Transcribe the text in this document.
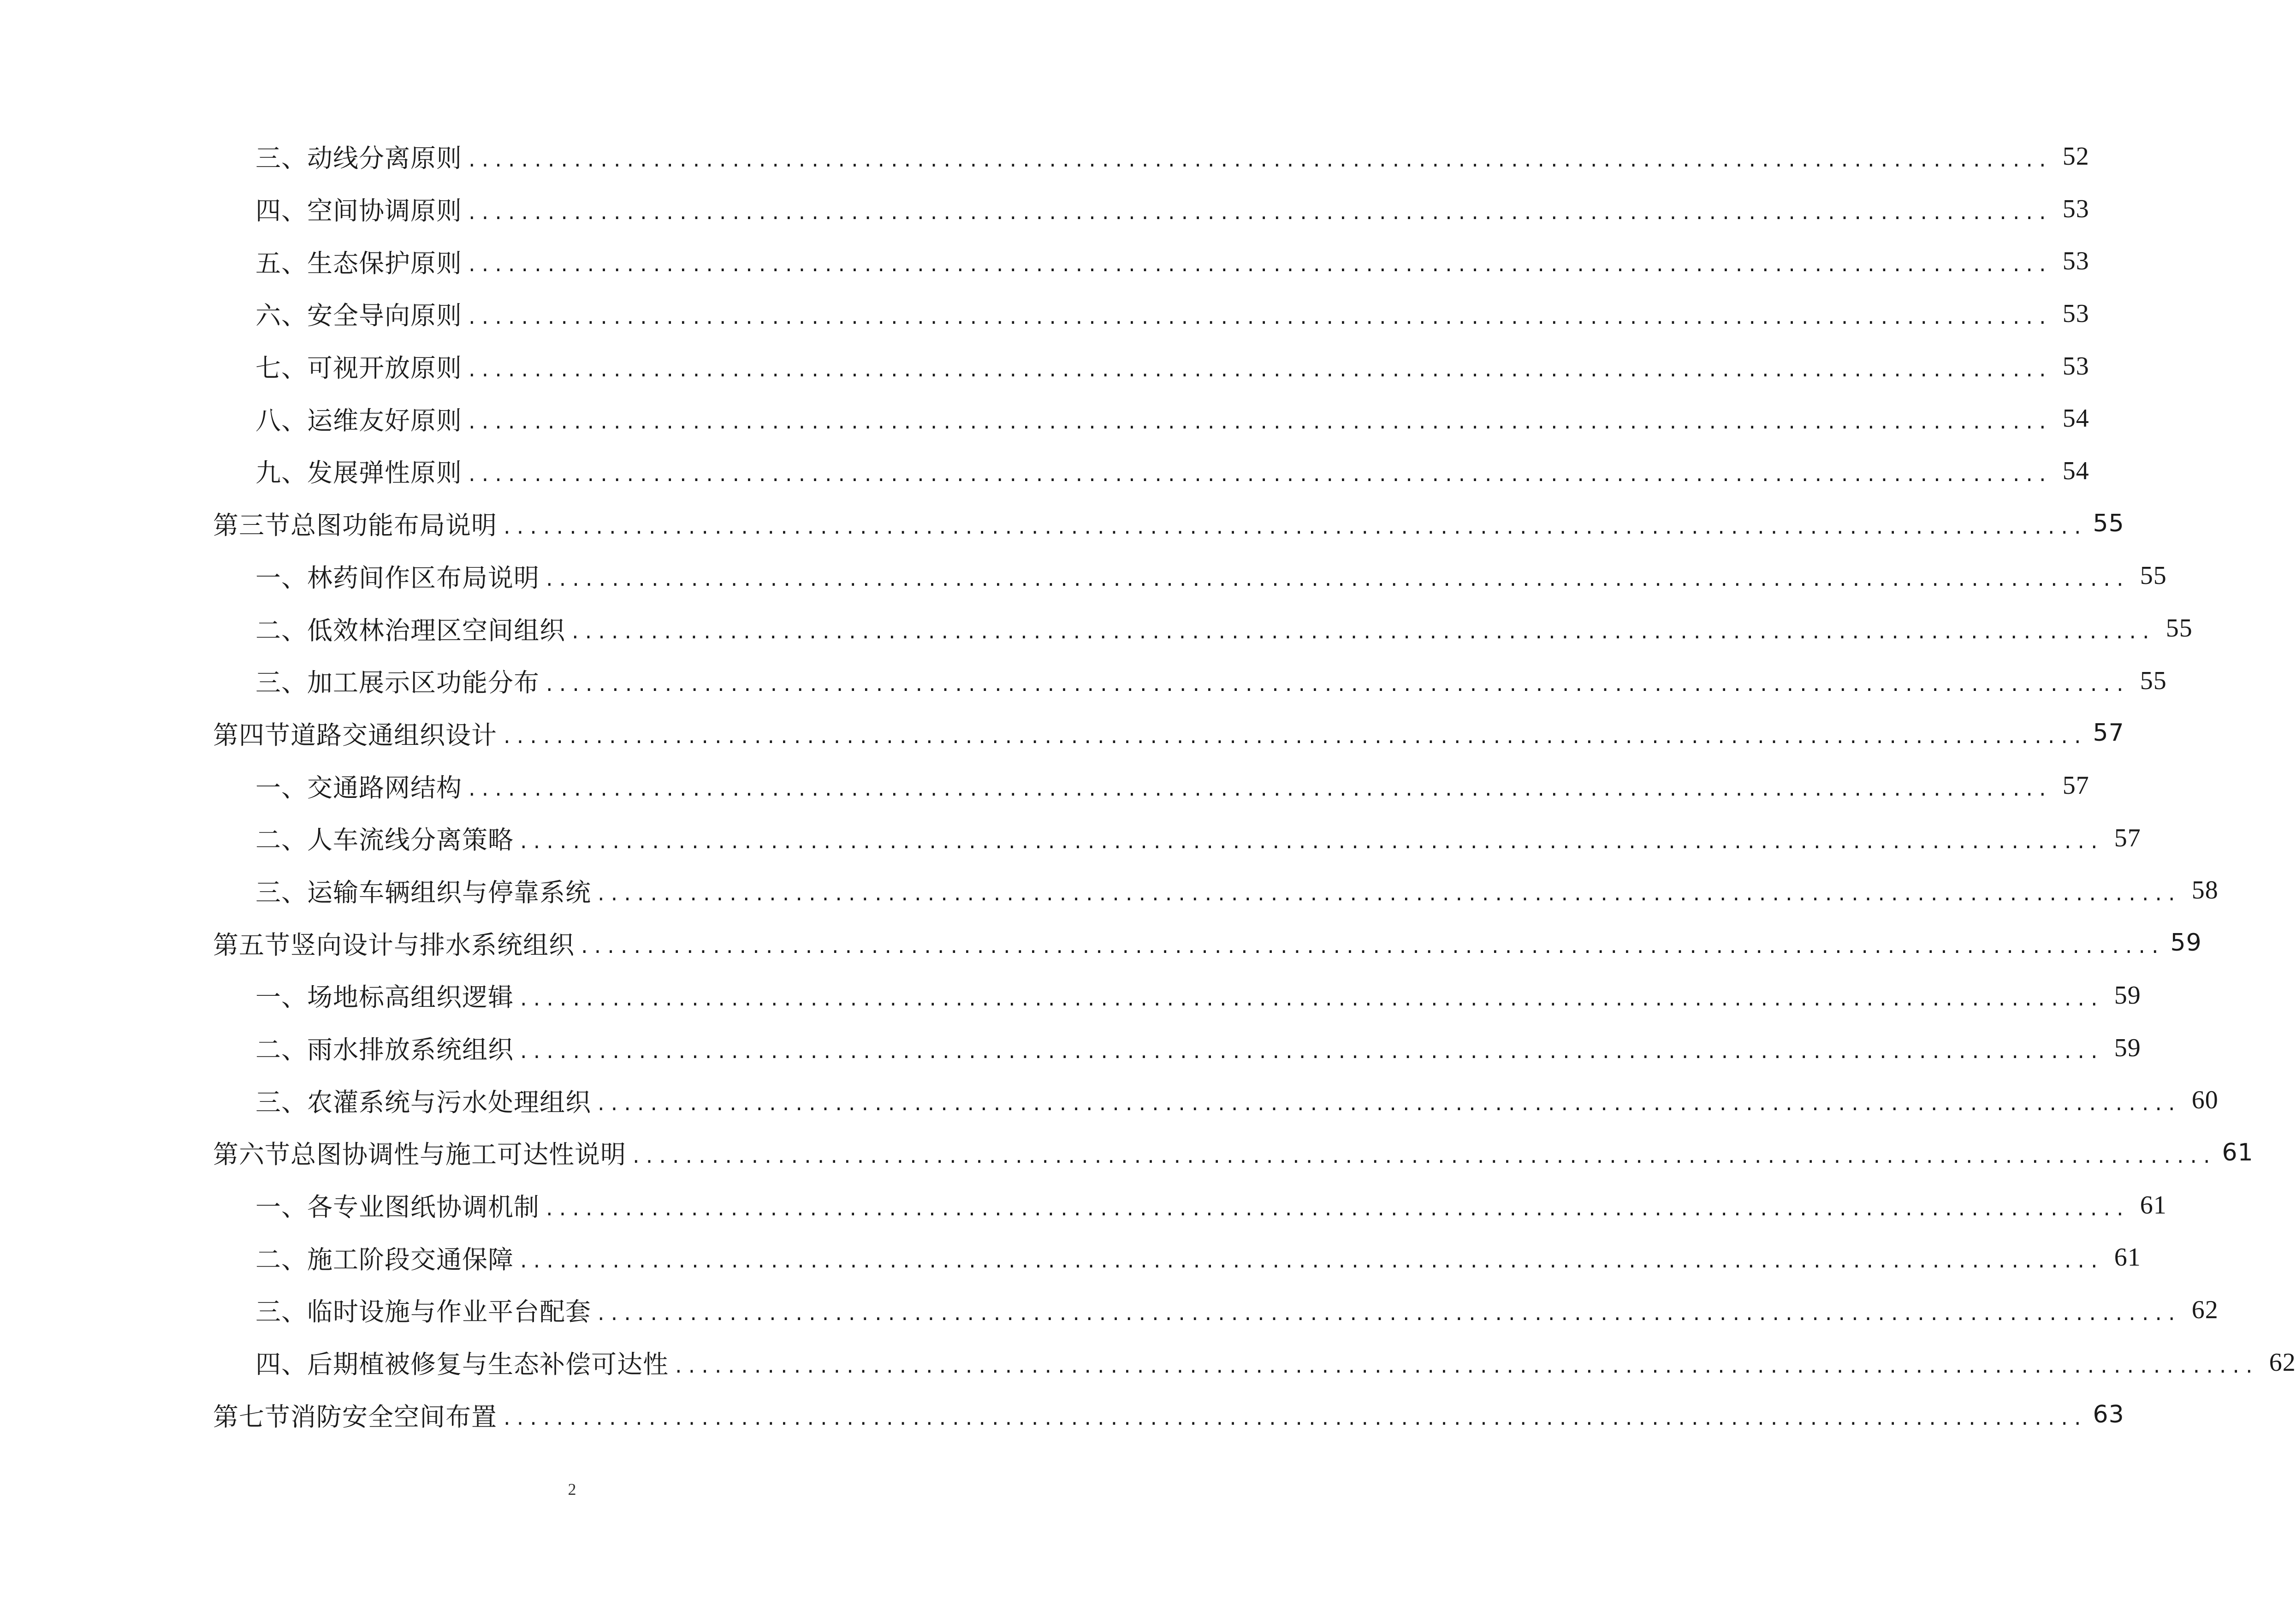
三、 动线分离原则 ........................................................................................................................ 52
四、 空间协调原则 ........................................................................................................................ 53
五、 生态保护原则 ........................................................................................................................ 53
六、 安全导向原则 ........................................................................................................................ 53
七、 可视开放原则 ........................................................................................................................ 53
八、 运维友好原则 ........................................................................................................................ 54
九、 发展弹性原则 ........................................................................................................................ 54
第三节 总图功能布局说明 ........................................................................................................................ 55
一、 林药间作区布局说明 ........................................................................................................................ 55
二、 低效林治理区空间组织 ........................................................................................................................ 55
三、 加工展示区功能分布 ........................................................................................................................ 55
第四节 道路交通组织设计 ........................................................................................................................ 57
一、 交通路网结构 ........................................................................................................................ 57
二、 人车流线分离策略 ........................................................................................................................ 57
三、 运输车辆组织与停靠系统 ........................................................................................................................ 58
第五节 竖向设计与排水系统组织 ........................................................................................................................ 59
一、 场地标高组织逻辑 ........................................................................................................................ 59
二、 雨水排放系统组织 ........................................................................................................................ 59
三、 农灌系统与污水处理组织 ........................................................................................................................ 60
第六节 总图协调性与施工可达性说明 ........................................................................................................................ 61
一、 各专业图纸协调机制 ........................................................................................................................ 61
二、 施工阶段交通保障 ........................................................................................................................ 61
三、 临时设施与作业平台配套 ........................................................................................................................ 62
四、 后期植被修复与生态补偿可达性 ........................................................................................................................ 62
第七节 消防安全空间布置 ........................................................................................................................ 63
2
